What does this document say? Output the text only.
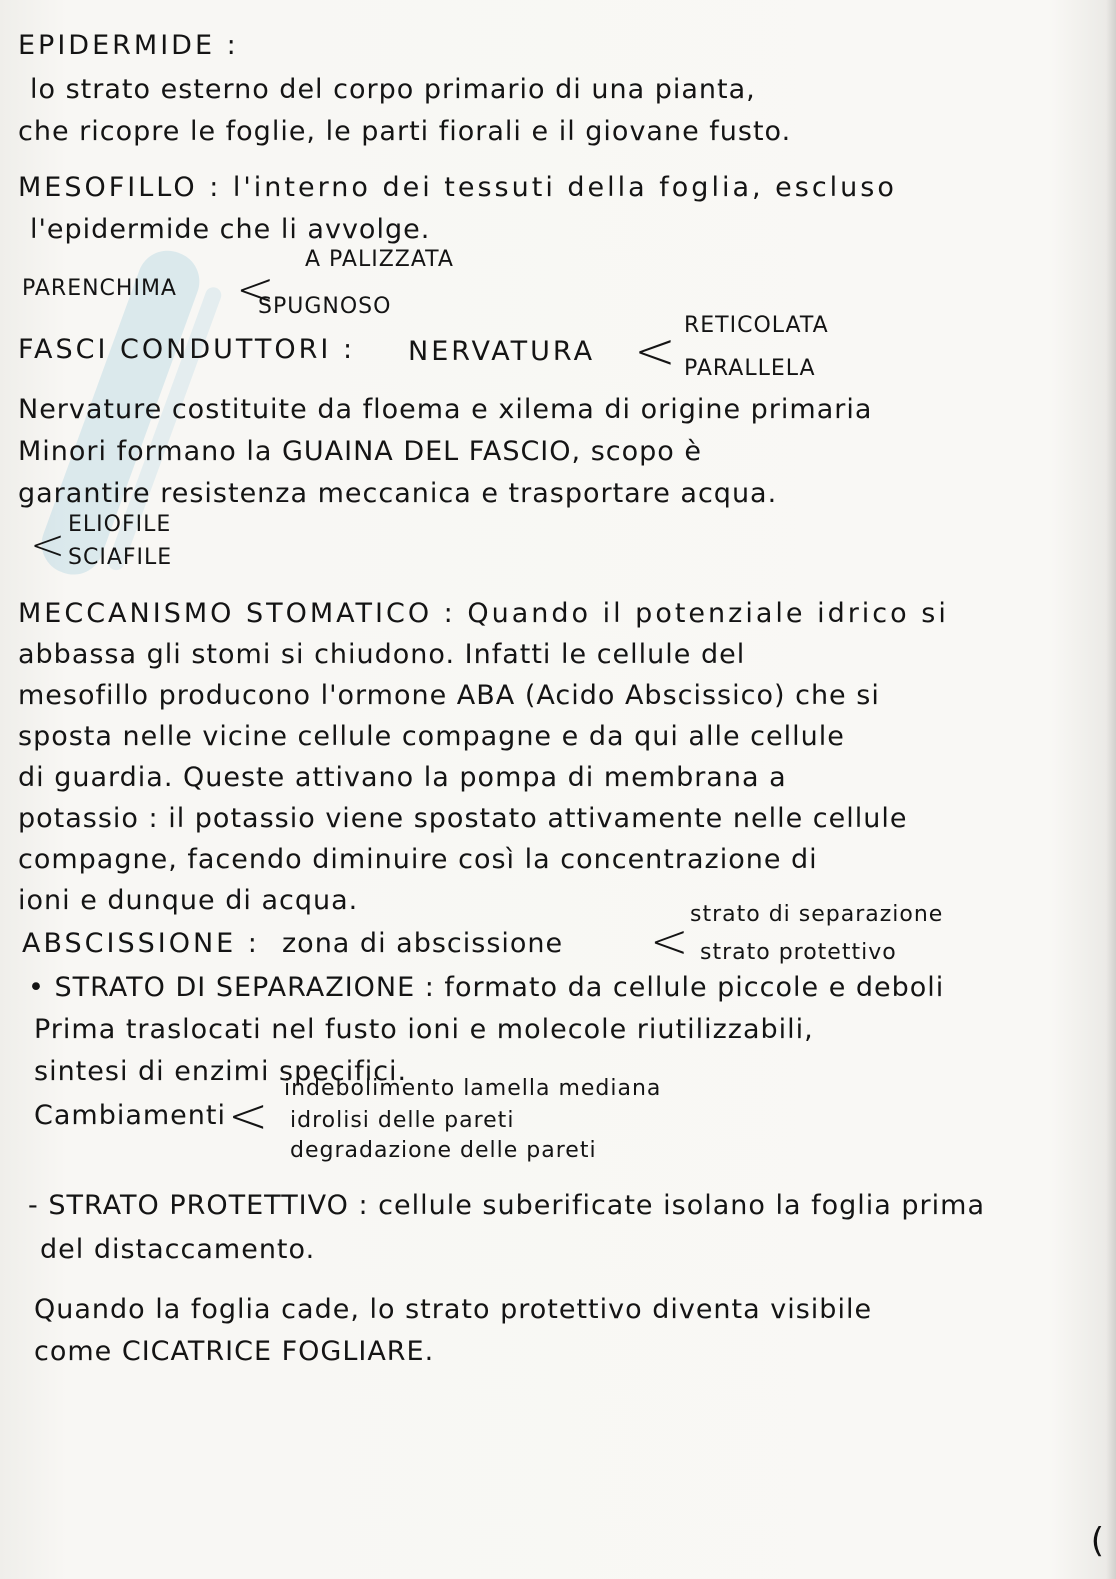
EPIDERMIDE :
lo strato esterno del corpo primario di una pianta,
che ricopre le foglie, le parti fiorali e il giovane fusto.
MESOFILLO : l'interno dei tessuti della foglia, escluso
l'epidermide che li avvolge.
PARENCHIMA <
A PALIZZATA
SPUGNOSO
FASCI CONDUTTORI : NERVATURA < RETICOLATA
PARALLELA
Nervature costituite da floema e xilema di origine primaria
Minori formano la GUAINA DEL FASCIO, scopo è
garantire resistenza meccanica e trasportare acqua.
< ELIOFILE
SCIAFILE
MECCANISMO STOMATICO : Quando il potenziale idrico si
abbassa gli stomi si chiudono. Infatti le cellule del
mesofillo producono l'ormone ABA (Acido Abscissico) che si
sposta nelle vicine cellule compagne e da qui alle cellule
di guardia. Queste attivano la pompa di membrana a
potassio : il potassio viene spostato attivamente nelle cellule
compagne, facendo diminuire così la concentrazione di
ioni e dunque di acqua.
ABSCISSIONE : zona di abscissione < strato di separazione
strato protettivo
• STRATO DI SEPARAZIONE : formato da cellule piccole e deboli
Prima traslocati nel fusto ioni e molecole riutilizzabili,
sintesi di enzimi specifici.
Cambiamenti < indebolimento lamella mediana
idrolisi delle pareti
degradazione delle pareti
- STRATO PROTETTIVO : cellule suberificate isolano la foglia prima
del distaccamento.
Quando la foglia cade, lo strato protettivo diventa visibile
come CICATRICE FOGLIARE.
(
